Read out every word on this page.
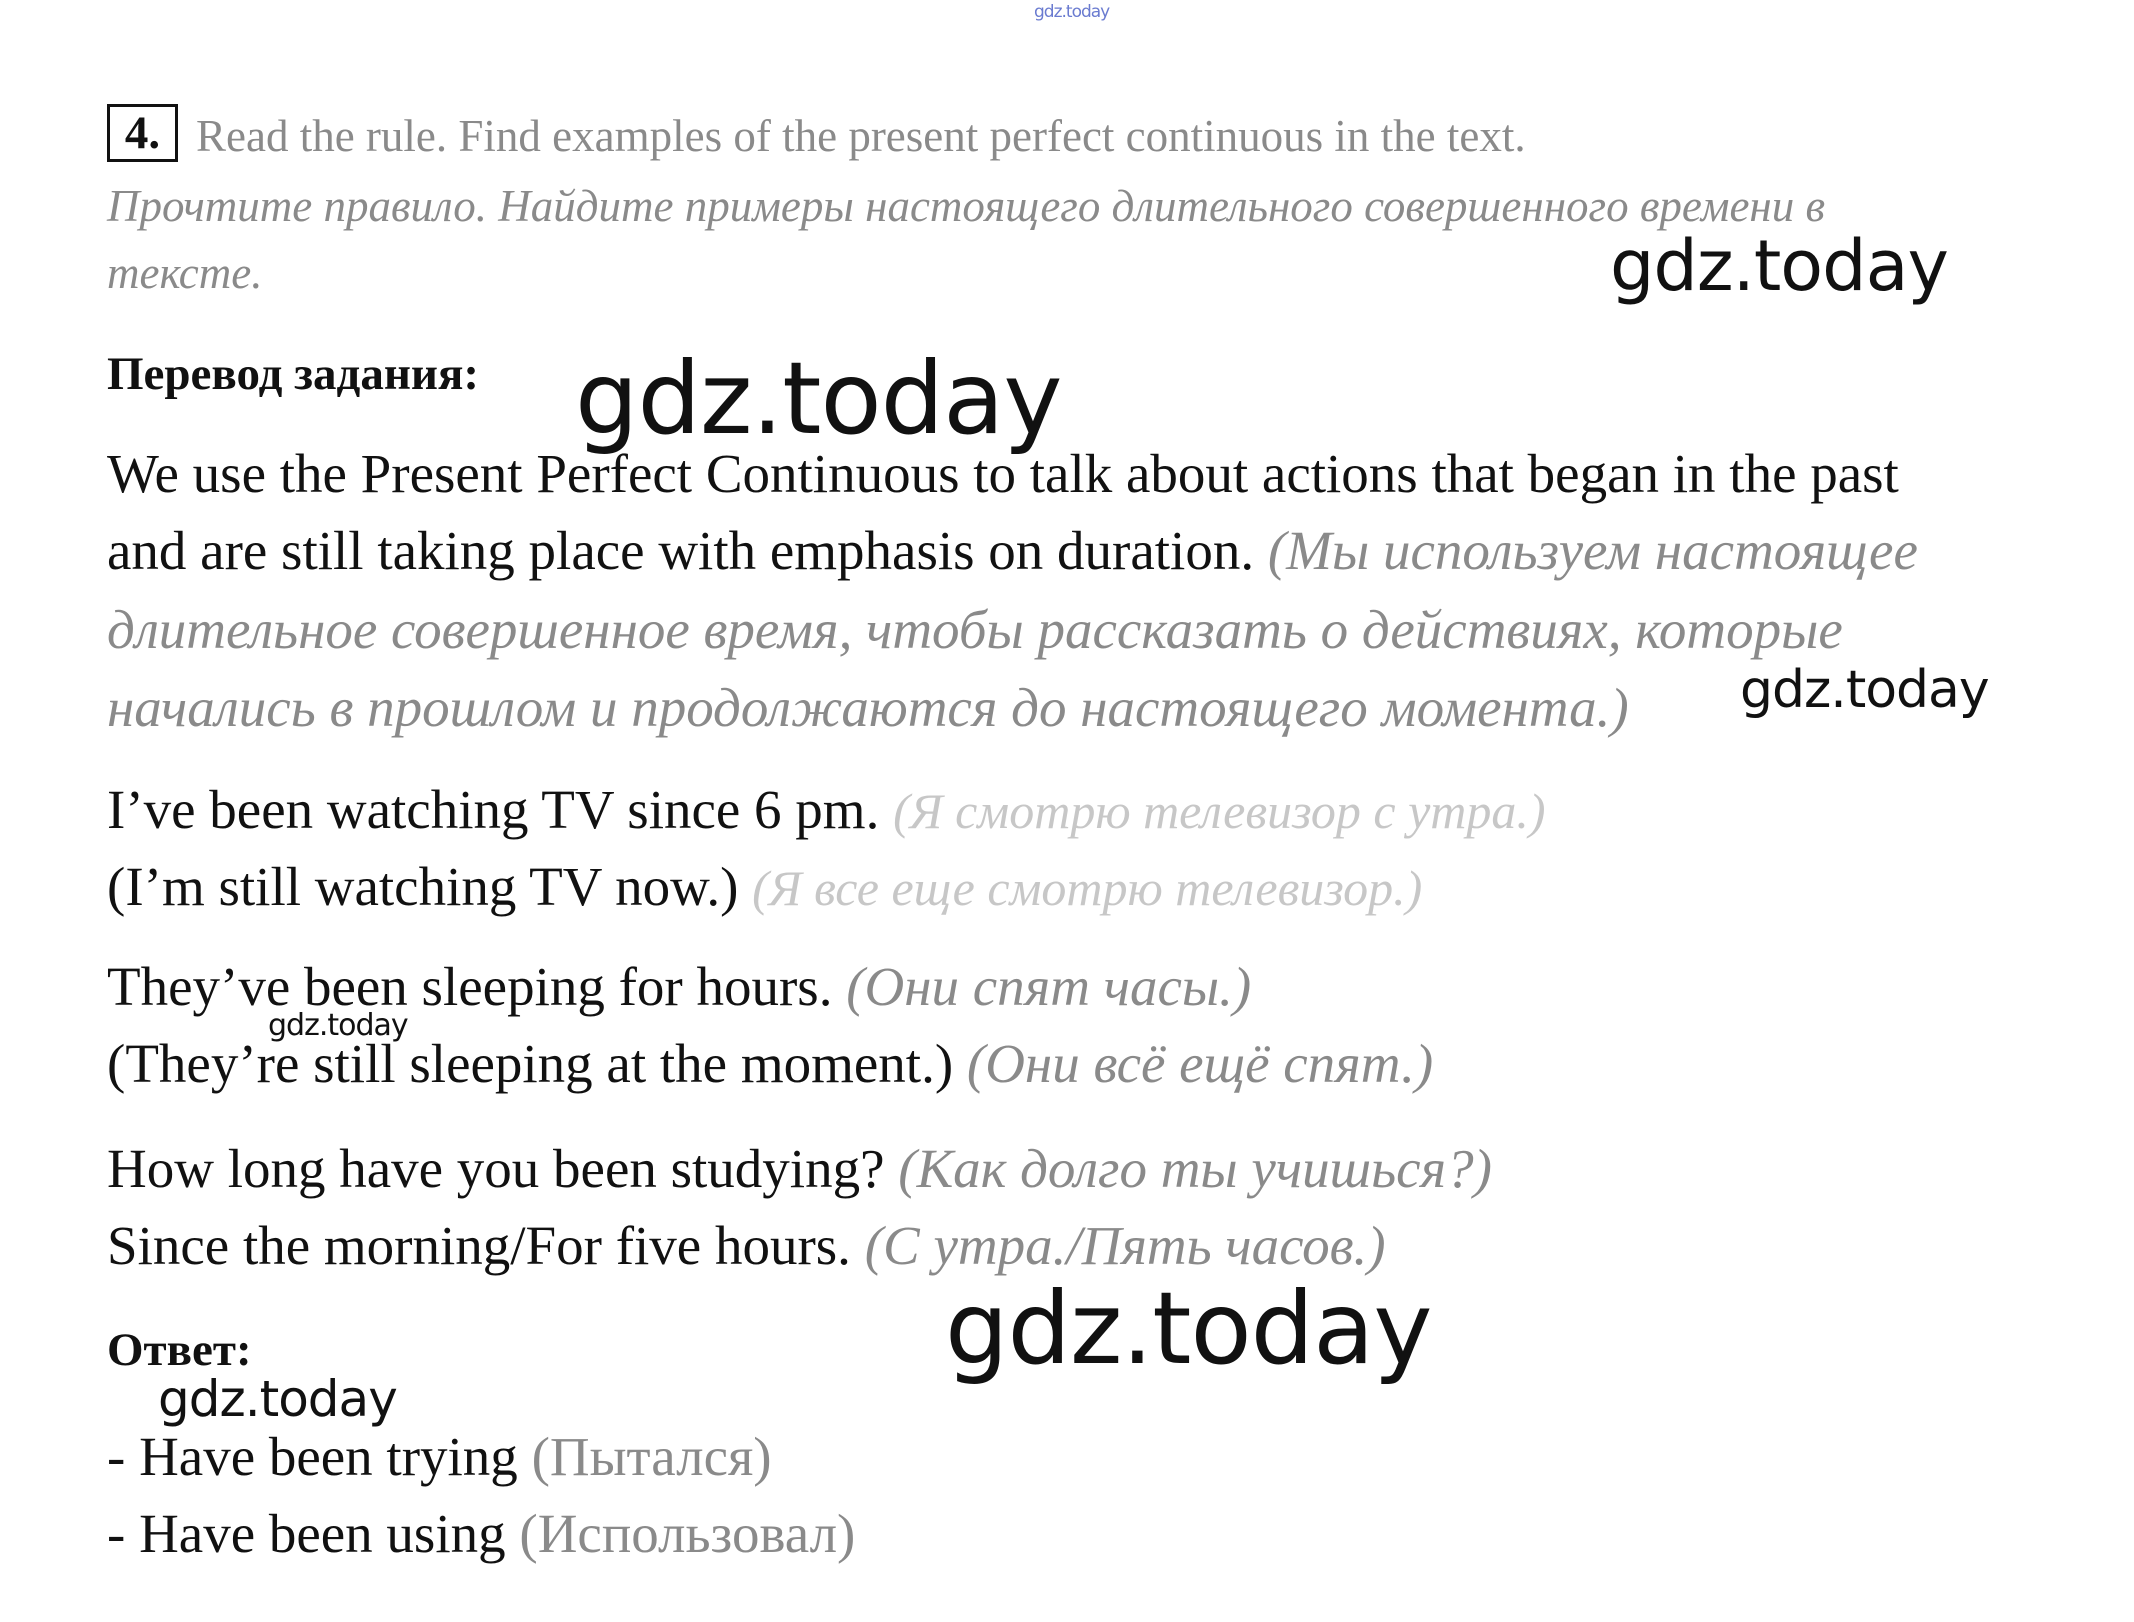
gdz.today
4. Read the rule. Find examples of the present perfect continuous in the text.
Прочтите правило. Найдите примеры настоящего длительного совершенного времени в
тексте.	gdz.today
Перевод задания: gdz.today
We use the Present Perfect Continuous to talk about actions that began in the past
and are still taking place with emphasis on duration. (Мы используем настоящее
длительное совершенное время, чтобы рассказать о действиях, которые
начались в прошлом и продолжаются до настоящего момента.) gdz.today
I’ve been watching TV since 6 pm. (Я смотрю телевизор с утра.)
(I’m still watching TV now.) (Я все еще смотрю телевизор.)
They’ve been sleeping for hours. (Они спят часы.)
gdz.today
(They’re still sleeping at the moment.) (Они всё ещё спят.)
How long have you been studying? (Как долго ты учишься?)
Since the morning/For five hours. (С утра./Пять часов.)
gdz.today
Ответ:
gdz.today
- Have been trying (Пытался)
- Have been using (Использовал)
